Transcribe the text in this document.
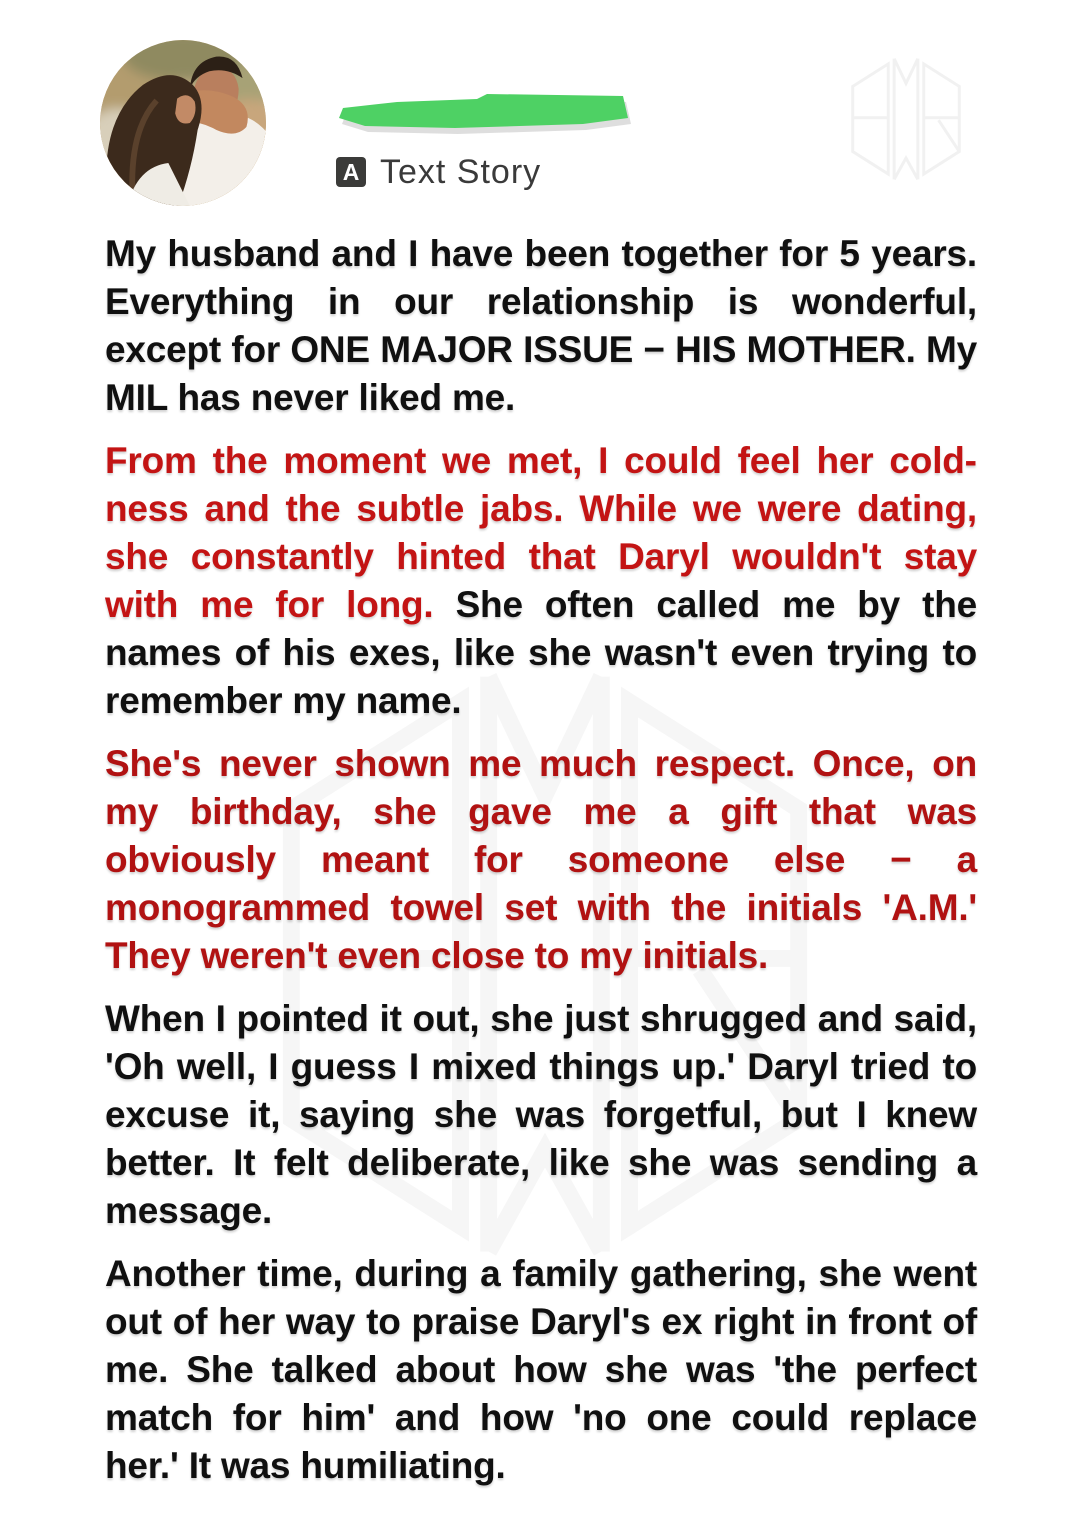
A Text Story

My husband and I have been together for 5 years. Everything in our relationship is wonderful, except for ONE MAJOR ISSUE − HIS MOTHER. My MIL has never liked me.

From the moment we met, I could feel her coldness and the subtle jabs. While we were dating, she constantly hinted that Daryl wouldn't stay with me for long. She often called me by the names of his exes, like she wasn't even trying to remember my name.

She's never shown me much respect. Once, on my birthday, she gave me a gift that was obviously meant for someone else − a monogrammed towel set with the initials 'A.M.' They weren't even close to my initials.

When I pointed it out, she just shrugged and said, 'Oh well, I guess I mixed things up.' Daryl tried to excuse it, saying she was forgetful, but I knew better. It felt deliberate, like she was sending a message.

Another time, during a family gathering, she went out of her way to praise Daryl's ex right in front of me. She talked about how she was 'the perfect match for him' and how 'no one could replace her.' It was humiliating.
